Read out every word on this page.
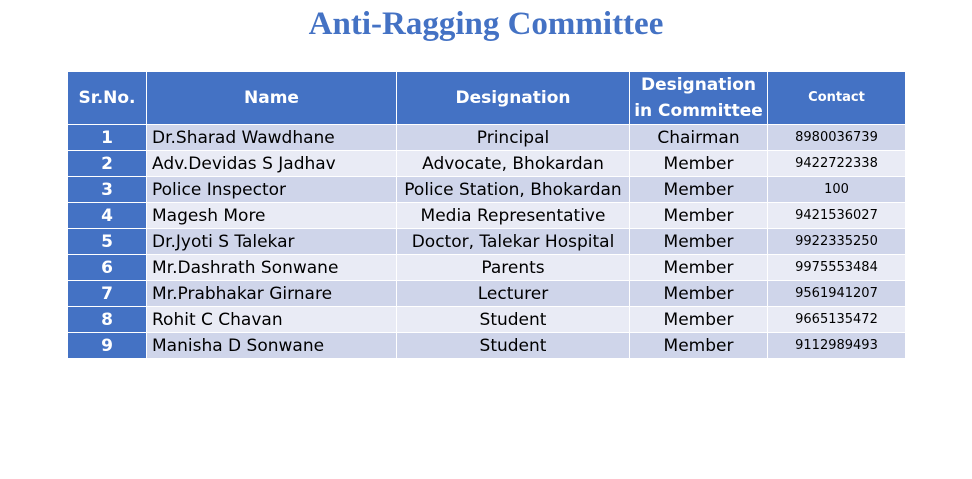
Anti-Ragging Committee
Sr.No.	Name	Designation	Designation in Committee	Contact
1	Dr.Sharad Wawdhane	Principal	Chairman	8980036739
2	Adv.Devidas S Jadhav	Advocate, Bhokardan	Member	9422722338
3	Police Inspector	Police Station, Bhokardan	Member	100
4	Magesh More	Media Representative	Member	9421536027
5	Dr.Jyoti S Talekar	Doctor, Talekar Hospital	Member	9922335250
6	Mr.Dashrath Sonwane	Parents	Member	9975553484
7	Mr.Prabhakar Girnare	Lecturer	Member	9561941207
8	Rohit C Chavan	Student	Member	9665135472
9	Manisha D Sonwane	Student	Member	9112989493
